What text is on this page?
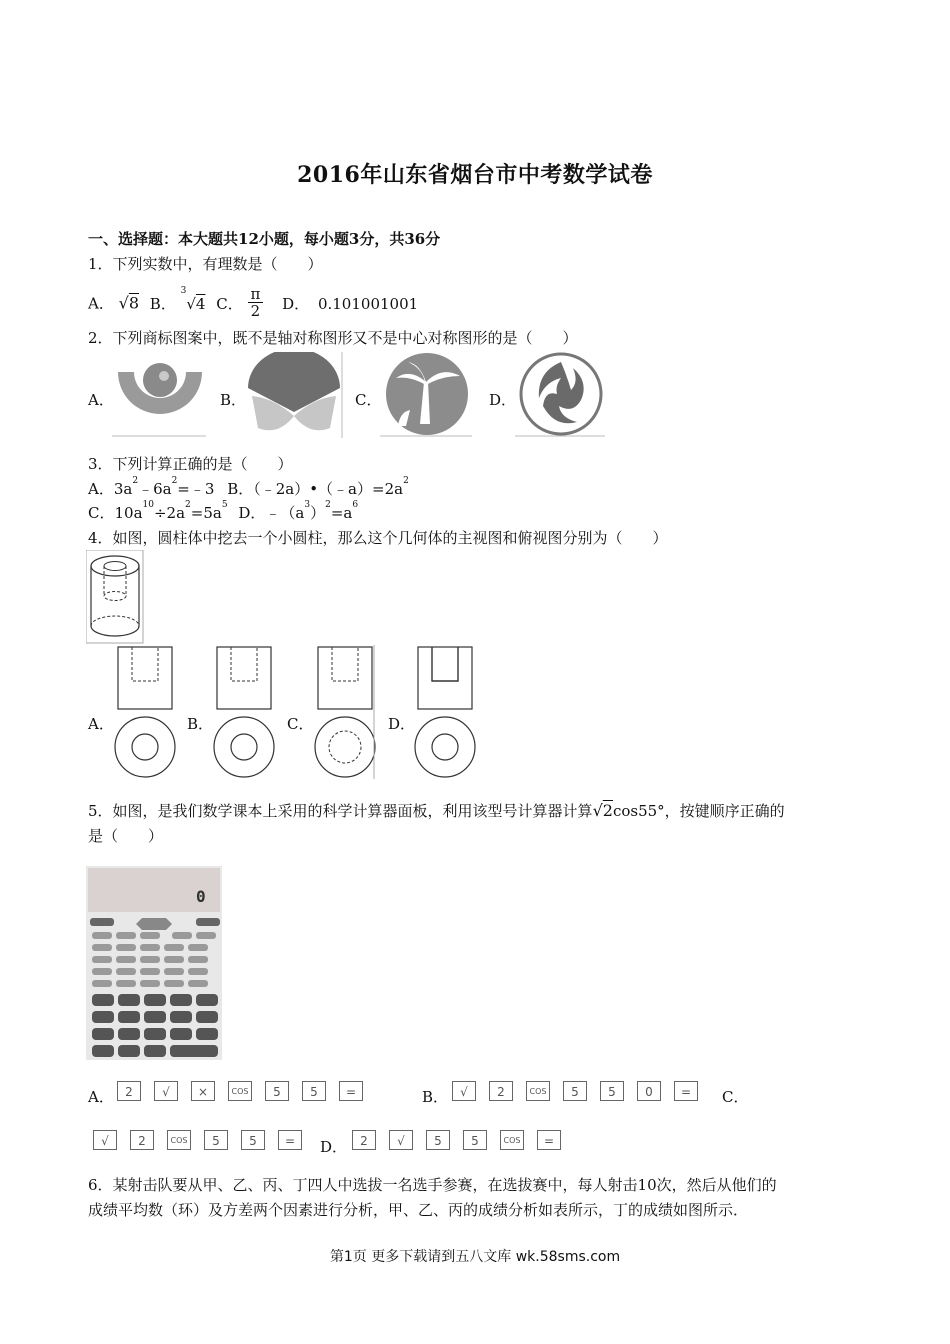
2016年山东省烟台市中考数学试卷
一、选择题：本大题共12小题，每小题3分，共36分
1．下列实数中，有理数是（　　）
A． √8 B． $^3$√4 C． $\frac{\pi}{2}$ D． 0.101001001
2．下列商标图案中，既不是轴对称图形又不是中心对称图形的是（　　）
A．	B．	C．	D．
3．下列计算正确的是（　　）
A．$3a^2﹣6a^2=﹣3$ B．$(﹣2a)•(﹣a)=2a^2$
C．$10a^{10}\div 2a^2=5a^5$ D．$﹣(a^3)^2=a^6$
4．如图，圆柱体中挖去一个小圆柱，那么这个几何体的主视图和俯视图分别为（　　）
A．	B．	C．	D．
5．如图，是我们数学课本上采用的科学计算器面板，利用该型号计算器计算√2cos55°，按键顺序正确的
是（　　）
0
A． 2	√	×	COS	5	5	=	B．	√	2	COS	5	5	0	=	C．
√	2	COS	5	5	=	D．	2	√	5	5	COS	=
6．某射击队要从甲、乙、丙、丁四人中选拔一名选手参赛，在选拔赛中，每人射击10次，然后从他们的
成绩平均数（环）及方差两个因素进行分析，甲、乙、丙的成绩分析如表所示，丁的成绩如图所示．
第1页 更多下载请到五八文库 wk.58sms.com
